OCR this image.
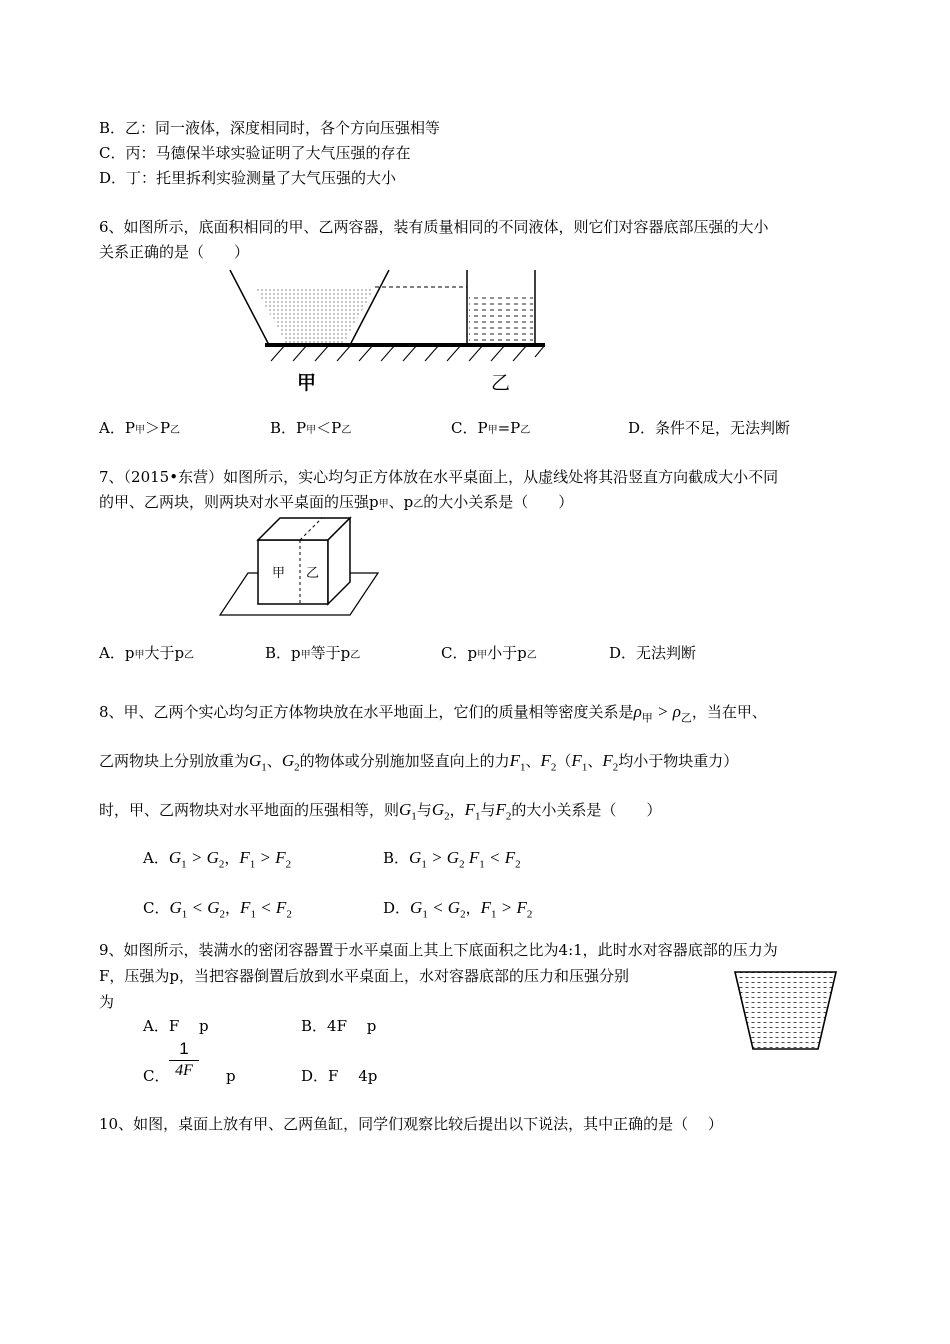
B．乙：同一液体，深度相同时，各个方向压强相等
C．丙：马德保半球实验证明了大气压强的存在
D．丁：托里拆利实验测量了大气压强的大小
6、如图所示，底面积相同的甲、乙两容器，装有质量相同的不同液体，则它们对容器底部压强的大小
关系正确的是（　　）
甲	乙
A．P甲＞P乙	B．P甲＜P乙	C．P甲=P乙	D．条件不足，无法判断
7、（2015•东营）如图所示，实心均匀正方体放在水平桌面上，从虚线处将其沿竖直方向截成大小不同
的甲、乙两块，则两块对水平桌面的压强p甲、p乙的大小关系是（　　）
甲 乙
A．p甲大于p乙	B．p甲等于p乙	C．p甲小于p乙	D．无法判断
8、甲、乙两个实心均匀正方体物块放在水平地面上，它们的质量相等密度关系是$\rho_甲 > \rho_乙$，当在甲、
乙两物块上分别放重为$G_1$、$G_2$的物体或分别施加竖直向上的力$F_1$、$F_2(F_1$、$F_2$均小于物块重力）
时，甲、乙两物块对水平地面的压强相等，则$G_1$与$G_2$，$F_1$与$F_2$的大小关系是（　　）
A．$G_1 > G_2$，$F_1 > F_2$	B．$G_1 > G_2$ $F_1 < F_2$
C．$G_1 < G_2$，$F_1 < F_2$	D．$G_1 < G_2$，$F_1 > F_2$
9、如图所示，装满水的密闭容器置于水平桌面上其上下底面积之比为4:1，此时水对容器底部的压力为
F，压强为p，当把容器倒置后放到水平桌面上，水对容器底部的压力和压强分别
为
A．F　 p	B．4F　 p
C． $\frac{1}{4F}$ p	D．F　 4p
10、如图，桌面上放有甲、乙两鱼缸，同学们观察比较后提出以下说法，其中正确的是（　 ）
